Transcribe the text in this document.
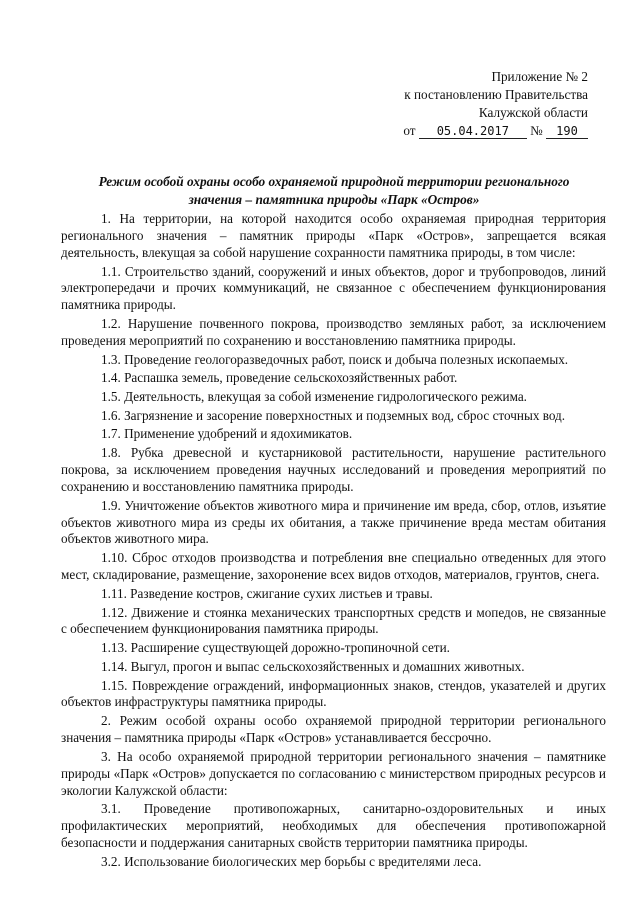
Приложение № 2
к постановлению Правительства
Калужской области
от 05.04.2017 № 190
Режим особой охраны особо охраняемой природной территории регионального
значения – памятника природы «Парк «Остров»

1. На территории, на которой находится особо охраняемая природная территория регионального значения – памятник природы «Парк «Остров», запрещается всякая деятельность, влекущая за собой нарушение сохранности памятника природы, в том числе:

1.1. Строительство зданий, сооружений и иных объектов, дорог и трубопроводов, линий электропередачи и прочих коммуникаций, не связанное с обеспечением функционирования памятника природы.

1.2. Нарушение почвенного покрова, производство земляных работ, за исключением проведения мероприятий по сохранению и восстановлению памятника природы.

1.3. Проведение геологоразведочных работ, поиск и добыча полезных ископаемых.

1.4. Распашка земель, проведение сельскохозяйственных работ.

1.5. Деятельность, влекущая за собой изменение гидрологического режима.

1.6. Загрязнение и засорение поверхностных и подземных вод, сброс сточных вод.

1.7. Применение удобрений и ядохимикатов.

1.8. Рубка древесной и кустарниковой растительности, нарушение растительного покрова, за исключением проведения научных исследований и проведения мероприятий по сохранению и восстановлению памятника природы.

1.9. Уничтожение объектов животного мира и причинение им вреда, сбор, отлов, изъятие объектов животного мира из среды их обитания, а также причинение вреда местам обитания объектов животного мира.

1.10. Сброс отходов производства и потребления вне специально отведенных для этого мест, складирование, размещение, захоронение всех видов отходов, материалов, грунтов, снега.

1.11. Разведение костров, сжигание сухих листьев и травы.

1.12. Движение и стоянка механических транспортных средств и мопедов, не связанные с обеспечением функционирования памятника природы.

1.13. Расширение существующей дорожно-тропиночной сети.

1.14. Выгул, прогон и выпас сельскохозяйственных и домашних животных.

1.15. Повреждение ограждений, информационных знаков, стендов, указателей и других объектов инфраструктуры памятника природы.

2. Режим особой охраны особо охраняемой природной территории регионального значения – памятника природы «Парк «Остров» устанавливается бессрочно.

3. На особо охраняемой природной территории регионального значения – памятнике природы «Парк «Остров» допускается по согласованию с министерством природных ресурсов и экологии Калужской области:

3.1. Проведение противопожарных, санитарно-оздоровительных и иных профилактических мероприятий, необходимых для обеспечения противопожарной безопасности и поддержания санитарных свойств территории памятника природы.

3.2. Использование биологических мер борьбы с вредителями леса.
